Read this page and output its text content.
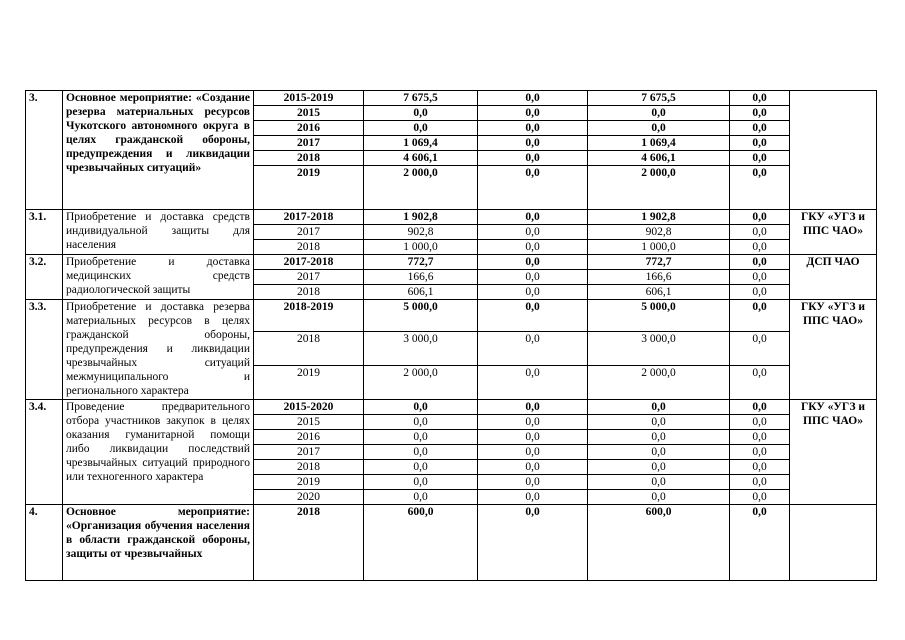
3.	Основное мероприятие: «Создание резерва материальных ресурсов Чукотского автономного округа в целях гражданской обороны, предупреждения и ликвидации чрезвычайных ситуаций»	2015-2019	7 675,5	0,0	7 675,5	0,0	
		2015	0,0	0,0	0,0	0,0	
		2016	0,0	0,0	0,0	0,0	
		2017	1 069,4	0,0	1 069,4	0,0	
		2018	4 606,1	0,0	4 606,1	0,0	
		2019	2 000,0	0,0	2 000,0	0,0	
3.1.	Приобретение и доставка средств индивидуальной защиты для населения	2017-2018	1 902,8	0,0	1 902,8	0,0	ГКУ «УГЗ и ППС ЧАО»
		2017	902,8	0,0	902,8	0,0	
		2018	1 000,0	0,0	1 000,0	0,0	
3.2.	Приобретение и доставка медицинских средств радиологической защиты	2017-2018	772,7	0,0	772,7	0,0	ДСП ЧАО
		2017	166,6	0,0	166,6	0,0	
		2018	606,1	0,0	606,1	0,0	
3.3.	Приобретение и доставка резерва материальных ресурсов в целях гражданской обороны, предупреждения и ликвидации чрезвычайных ситуаций межмуниципального и регионального характера	2018-2019	5 000,0	0,0	5 000,0	0,0	ГКУ «УГЗ и ППС ЧАО»
		2018	3 000,0	0,0	3 000,0	0,0	
		2019	2 000,0	0,0	2 000,0	0,0	
3.4.	Проведение предварительного отбора участников закупок в целях оказания гуманитарной помощи либо ликвидации последствий чрезвычайных ситуаций природного или техногенного характера	2015-2020	0,0	0,0	0,0	0,0	ГКУ «УГЗ и ППС ЧАО»
		2015	0,0	0,0	0,0	0,0	
		2016	0,0	0,0	0,0	0,0	
		2017	0,0	0,0	0,0	0,0	
		2018	0,0	0,0	0,0	0,0	
		2019	0,0	0,0	0,0	0,0	
		2020	0,0	0,0	0,0	0,0	
4.	Основное мероприятие: «Организация обучения населения в области гражданской обороны, защиты от чрезвычайных	2018	600,0	0,0	600,0	0,0	
